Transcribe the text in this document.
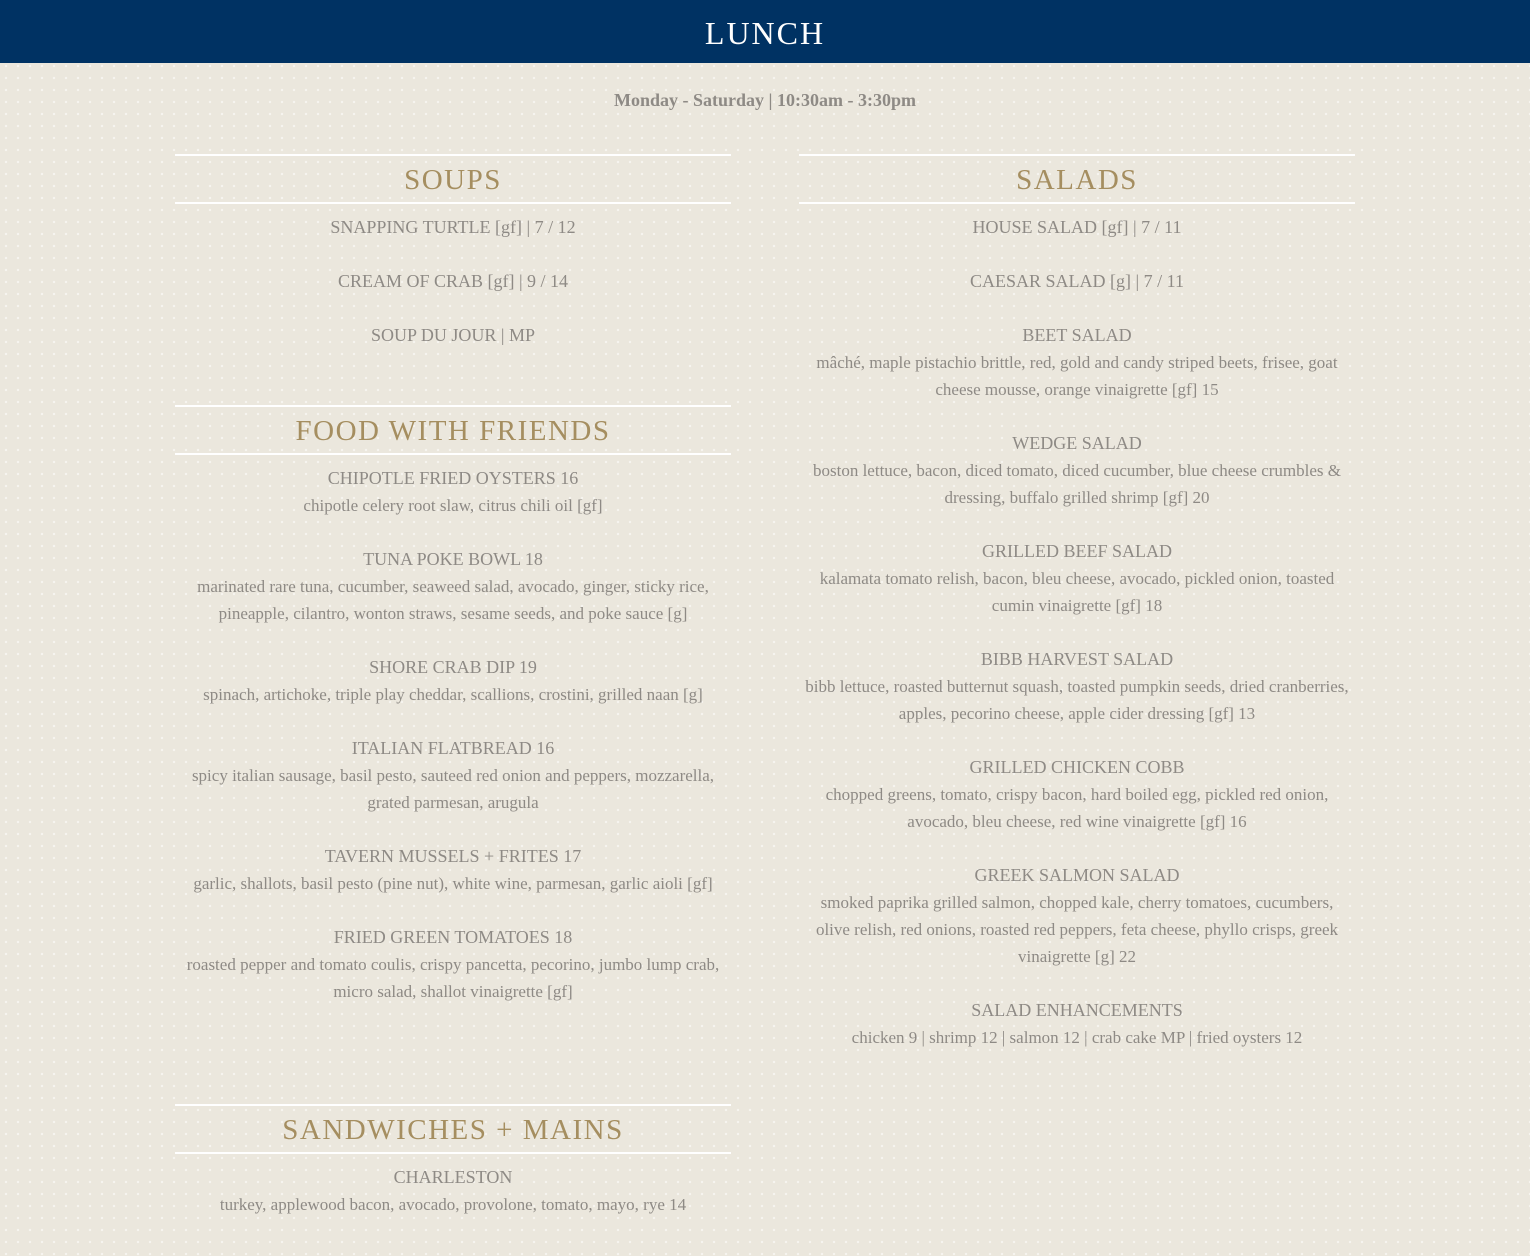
LUNCH
Monday - Saturday | 10:30am - 3:30pm
SOUPS
SNAPPING TURTLE [gf] | 7 / 12
CREAM OF CRAB [gf] | 9 / 14
SOUP DU JOUR | MP
FOOD WITH FRIENDS
CHIPOTLE FRIED OYSTERS 16
chipotle celery root slaw, citrus chili oil [gf]
TUNA POKE BOWL 18
marinated rare tuna, cucumber, seaweed salad, avocado, ginger, sticky rice, pineapple, cilantro, wonton straws, sesame seeds, and poke sauce [g]
SHORE CRAB DIP 19
spinach, artichoke, triple play cheddar, scallions, crostini, grilled naan [g]
ITALIAN FLATBREAD 16
spicy italian sausage, basil pesto, sauteed red onion and peppers, mozzarella, grated parmesan, arugula
TAVERN MUSSELS + FRITES 17
garlic, shallots, basil pesto (pine nut), white wine, parmesan, garlic aioli [gf]
FRIED GREEN TOMATOES 18
roasted pepper and tomato coulis, crispy pancetta, pecorino, jumbo lump crab, micro salad, shallot vinaigrette [gf]
SANDWICHES + MAINS
CHARLESTON
turkey, applewood bacon, avocado, provolone, tomato, mayo, rye 14
SALADS
HOUSE SALAD [gf] | 7 / 11
CAESAR SALAD [g] | 7 / 11
BEET SALAD
mâché, maple pistachio brittle, red, gold and candy striped beets, frisee, goat cheese mousse, orange vinaigrette [gf] 15
WEDGE SALAD
boston lettuce, bacon, diced tomato, diced cucumber, blue cheese crumbles & dressing, buffalo grilled shrimp [gf] 20
GRILLED BEEF SALAD
kalamata tomato relish, bacon, bleu cheese, avocado, pickled onion, toasted cumin vinaigrette [gf] 18
BIBB HARVEST SALAD
bibb lettuce, roasted butternut squash, toasted pumpkin seeds, dried cranberries, apples, pecorino cheese, apple cider dressing [gf] 13
GRILLED CHICKEN COBB
chopped greens, tomato, crispy bacon, hard boiled egg, pickled red onion, avocado, bleu cheese, red wine vinaigrette [gf] 16
GREEK SALMON SALAD
smoked paprika grilled salmon, chopped kale, cherry tomatoes, cucumbers, olive relish, red onions, roasted red peppers, feta cheese, phyllo crisps, greek vinaigrette [g] 22
SALAD ENHANCEMENTS
chicken 9 | shrimp 12 | salmon 12 | crab cake MP | fried oysters 12
